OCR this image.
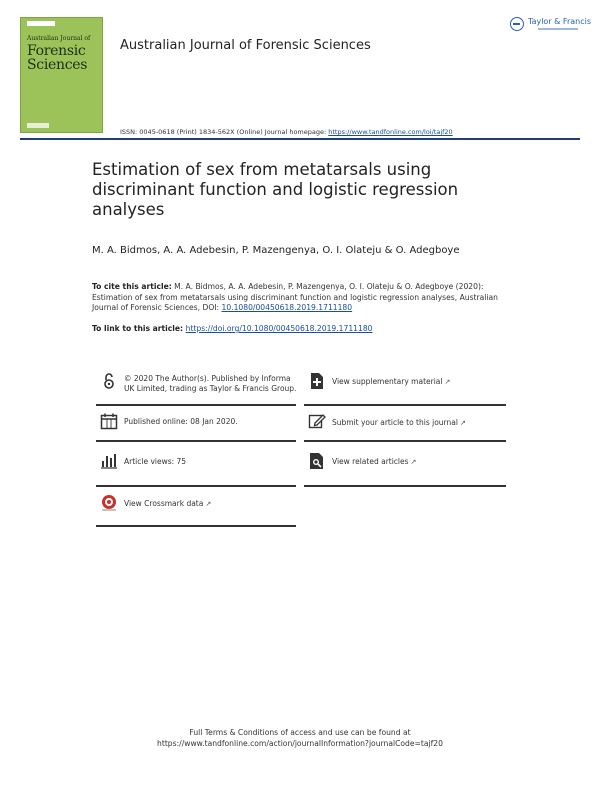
Australian Journal of
Forensic
Sciences
Australian Journal of Forensic Sciences
Taylor & Francis
ISSN: 0045-0618 (Print) 1834-562X (Online) Journal homepage: https://www.tandfonline.com/loi/tajf20
Estimation of sex from metatarsals using discriminant function and logistic regression analyses
M. A. Bidmos, A. A. Adebesin, P. Mazengenya, O. I. Olateju & O. Adegboye
To cite this article: M. A. Bidmos, A. A. Adebesin, P. Mazengenya, O. I. Olateju & O. Adegboye (2020): Estimation of sex from metatarsals using discriminant function and logistic regression analyses, Australian Journal of Forensic Sciences, DOI: 10.1080/00450618.2019.1711180
To link to this article: https://doi.org/10.1080/00450618.2019.1711180
© 2020 The Author(s). Published by Informa UK Limited, trading as Taylor & Francis Group.
Published online: 08 Jan 2020.
Article views: 75
View Crossmark data ↗
View supplementary material ↗
Submit your article to this journal ↗
View related articles ↗
Full Terms & Conditions of access and use can be found at
https://www.tandfonline.com/action/journalInformation?journalCode=tajf20
